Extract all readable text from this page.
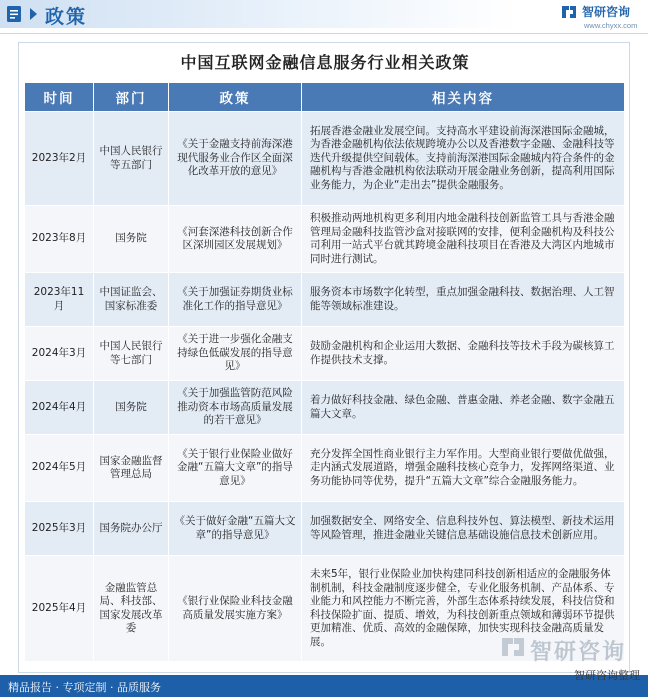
政策	智研咨询
www.chyxx.com
中国互联网金融信息服务行业相关政策
时间	部门	政策	相关内容
2023年2月	中国人民银行等五部门	《关于金融支持前海深港现代服务业合作区全面深化改革开放的意见》	拓展香港金融业发展空间。支持高水平建设前海深港国际金融城，为香港金融机构依法依规跨境办公以及香港数字金融、金融科技等迭代升级提供空间载体。支持前海深港国际金融城内符合条件的金融机构与香港金融机构依法联动开展金融业务创新，提高利用国际业务能力，为企业“走出去”提供金融服务。
2023年8月	国务院	《河套深港科技创新合作区深圳园区发展规划》	积极推动两地机构更多利用内地金融科技创新监管工具与香港金融管理局金融科技监管沙盒对接联网的安排，便利金融机构及科技公司利用一站式平台就其跨境金融科技项目在香港及大湾区内地城市同时进行测试。
2023年11月	中国证监会、国家标准委	《关于加强证券期货业标准化工作的指导意见》	服务资本市场数字化转型，重点加强金融科技、数据治理、人工智能等领域标准建设。
2024年3月	中国人民银行等七部门	《关于进一步强化金融支持绿色低碳发展的指导意见》	鼓励金融机构和企业运用大数据、金融科技等技术手段为碳核算工作提供技术支撑。
2024年4月	国务院	《关于加强监管防范风险推动资本市场高质量发展的若干意见》	着力做好科技金融、绿色金融、普惠金融、养老金融、数字金融五篇大文章。
2024年5月	国家金融监督管理总局	《关于银行业保险业做好金融“五篇大文章”的指导意见》	充分发挥全国性商业银行主力军作用。大型商业银行要做优做强，走内涵式发展道路，增强金融科技核心竞争力，发挥网络渠道、业务功能协同等优势，提升“五篇大文章”综合金融服务能力。
2025年3月	国务院办公厅	《关于做好金融“五篇大文章”的指导意见》	加强数据安全、网络安全、信息科技外包、算法模型、新技术运用等风险管理，推进金融业关键信息基础设施信息技术创新应用。
2025年4月	金融监管总局、科技部、国家发展改革委	《银行业保险业科技金融高质量发展实施方案》	未来5年，银行业保险业加快构建同科技创新相适应的金融服务体制机制，科技金融制度逐步健全，专业化服务机制、产品体系、专业能力和风控能力不断完善，外部生态体系持续发展，科技信贷和科技保险扩面、提质、增效，为科技创新重点领域和薄弱环节提供更加精准、优质、高效的金融保障，加快实现科技金融高质量发展。	智研咨询
精品报告 · 专项定制 · 品质服务
智研咨询整理
